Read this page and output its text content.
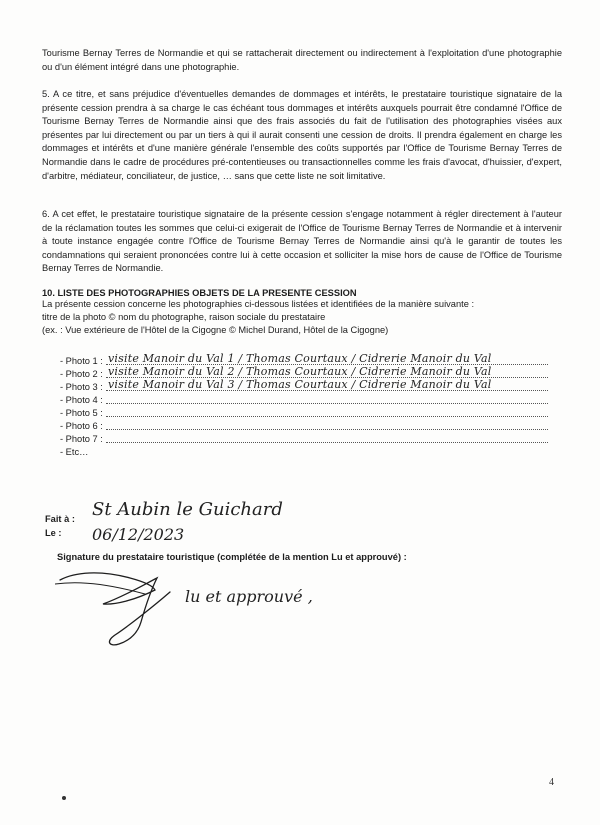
Tourisme Bernay Terres de Normandie et qui se rattacherait directement ou indirectement à l'exploitation d'une photographie ou d'un élément intégré dans une photographie.

5. A ce titre, et sans préjudice d'éventuelles demandes de dommages et intérêts, le prestataire touristique signataire de la présente cession prendra à sa charge le cas échéant tous dommages et intérêts auxquels pourrait être condamné l'Office de Tourisme Bernay Terres de Normandie ainsi que des frais associés du fait de l'utilisation des photographies visées aux présentes par lui directement ou par un tiers à qui il aurait consenti une cession de droits. Il prendra également en charge les dommages et intérêts et d'une manière générale l'ensemble des coûts supportés par l'Office de Tourisme Bernay Terres de Normandie dans le cadre de procédures pré-contentieuses ou transactionnelles comme les frais d'avocat, d'huissier, d'expert, d'arbitre, médiateur, conciliateur, de justice, … sans que cette liste ne soit limitative.

6. A cet effet, le prestataire touristique signataire de la présente cession s'engage notamment à régler directement à l'auteur de la réclamation toutes les sommes que celui-ci exigerait de l'Office de Tourisme Bernay Terres de Normandie et à intervenir à toute instance engagée contre l'Office de Tourisme Bernay Terres de Normandie ainsi qu'à le garantir de toutes les condamnations qui seraient prononcées contre lui à cette occasion et solliciter la mise hors de cause de l'Office de Tourisme Bernay Terres de Normandie.

10. LISTE DES PHOTOGRAPHIES OBJETS DE LA PRESENTE CESSION

La présente cession concerne les photographies ci-dessous listées et identifiées de la manière suivante :
titre de la photo © nom du photographe, raison sociale du prestataire
(ex. : Vue extérieure de l'Hôtel de la Cigogne © Michel Durand, Hôtel de la Cigogne)
- Photo 1 : visite Manoir du Val 1 / Thomas Courtaux / Cidrerie Manoir du Val
- Photo 2 : visite Manoir du Val 2 / Thomas Courtaux / Cidrerie Manoir du Val
- Photo 3 : visite Manoir du Val 3 / Thomas Courtaux / Cidrerie Manoir du Val
- Photo 4 :
- Photo 5 :
- Photo 6 :
- Photo 7 :
- Etc…
Fait à : St Aubin le Guichard
Le : 06/12/2023
Signature du prestataire touristique (complétée de la mention Lu et approuvé) :
lu et approuvé ,
4
